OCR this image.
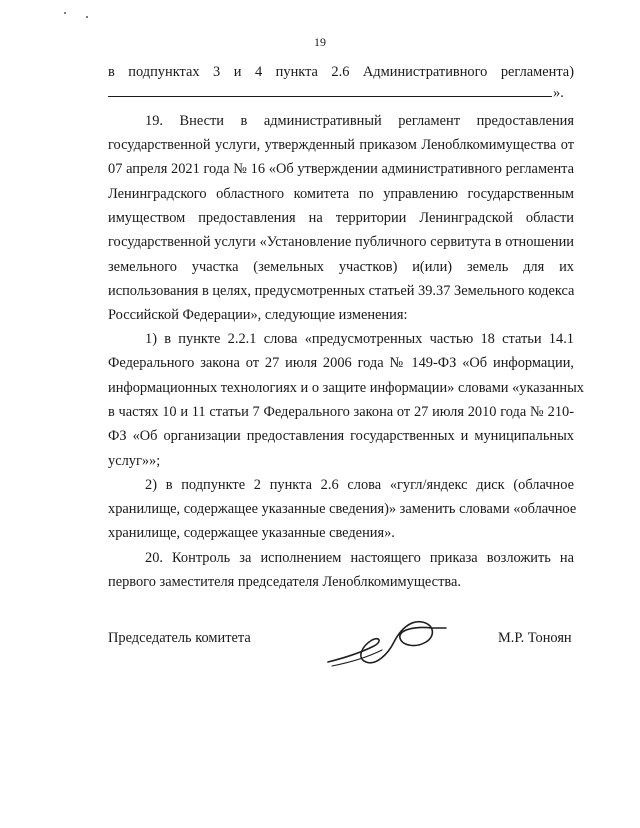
19
в подпунктах 3 и 4 пункта 2.6 Административного регламента)
».
19. Внести в административный регламент предоставления
государственной услуги, утвержденный приказом Леноблкомимущества от
07 апреля 2021 года № 16 «Об утверждении административного регламента
Ленинградского областного комитета по управлению государственным
имуществом предоставления на территории Ленинградской области
государственной услуги «Установление публичного сервитута в отношении
земельного участка (земельных участков) и(или) земель для их
использования в целях, предусмотренных статьей 39.37 Земельного кодекса
Российской Федерации», следующие изменения:
1) в пункте 2.2.1 слова «предусмотренных частью 18 статьи 14.1
Федерального закона от 27 июля 2006 года № 149-ФЗ «Об информации,
информационных технологиях и о защите информации» словами «указанных
в частях 10 и 11 статьи 7 Федерального закона от 27 июля 2010 года № 210-
ФЗ «Об организации предоставления государственных и муниципальных
услуг»»;
2) в подпункте 2 пункта 2.6 слова «гугл/яндекс диск (облачное
хранилище, содержащее указанные сведения)» заменить словами «облачное
хранилище, содержащее указанные сведения».
20. Контроль за исполнением настоящего приказа возложить на
первого заместителя председателя Леноблкомимущества.
Председатель комитета	М.Р. Тоноян
